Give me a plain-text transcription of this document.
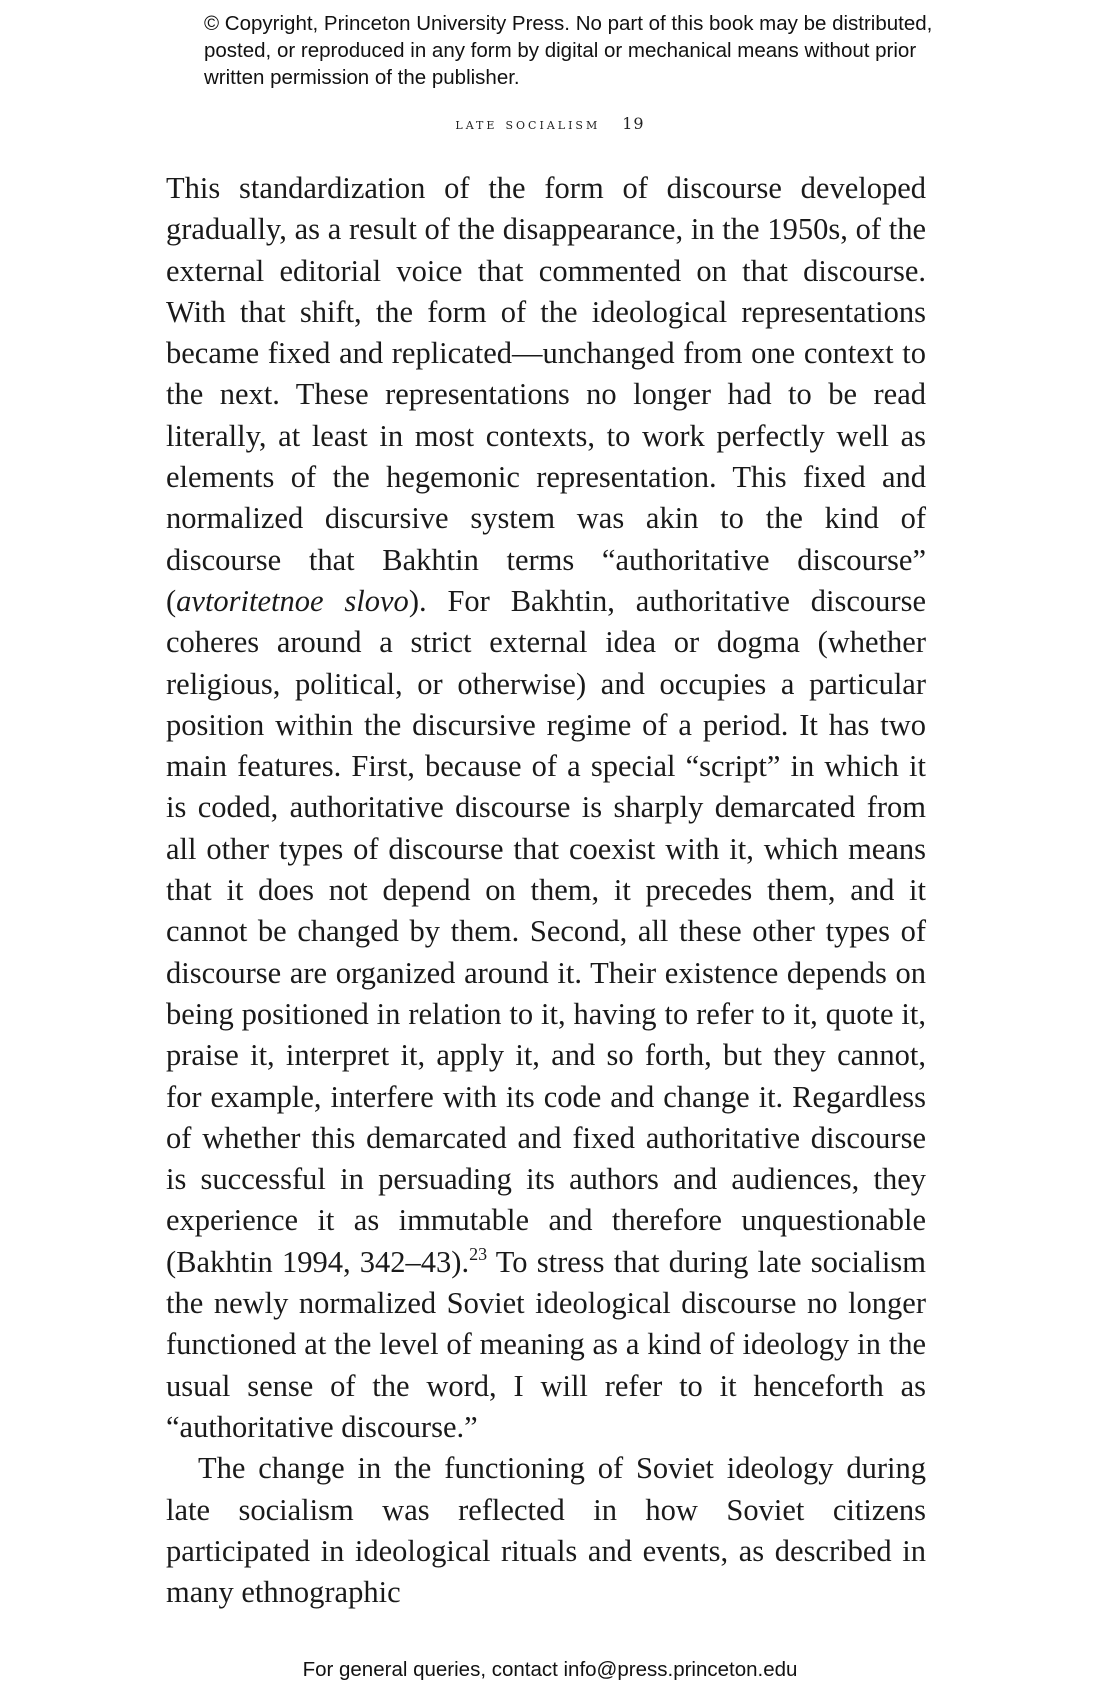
© Copyright, Princeton University Press. No part of this book may be distributed, posted, or reproduced in any form by digital or mechanical means without prior written permission of the publisher.
late socialism 19

This standardization of the form of discourse developed gradually, as a result of the disappearance, in the 1950s, of the external editorial voice that commented on that discourse. With that shift, the form of the ideological representations became fixed and replicated—unchanged from one context to the next. These representations no longer had to be read literally, at least in most contexts, to work perfectly well as elements of the hegemonic representation. This fixed and normalized discursive system was akin to the kind of discourse that Bakhtin terms “authoritative discourse” (avtoritetnoe slovo). For Bakhtin, authoritative discourse coheres around a strict external idea or dogma (whether religious, political, or otherwise) and occupies a particular position within the discursive regime of a period. It has two main features. First, because of a special “script” in which it is coded, authoritative discourse is sharply demarcated from all other types of discourse that coexist with it, which means that it does not depend on them, it precedes them, and it cannot be changed by them. Second, all these other types of discourse are organized around it. Their existence depends on being positioned in relation to it, having to refer to it, quote it, praise it, interpret it, apply it, and so forth, but they cannot, for example, interfere with its code and change it. Regardless of whether this demarcated and fixed authoritative discourse is successful in persuading its authors and audiences, they experience it as immutable and therefore unquestionable (Bakhtin 1994, 342–43).$^{23}$ To stress that during late socialism the newly normalized Soviet ideological discourse no longer functioned at the level of meaning as a kind of ideology in the usual sense of the word, I will refer to it henceforth as “authoritative discourse.”

The change in the functioning of Soviet ideology during late socialism was reflected in how Soviet citizens participated in ideological rituals and events, as described in many ethnographic

For general queries, contact info@press.princeton.edu
